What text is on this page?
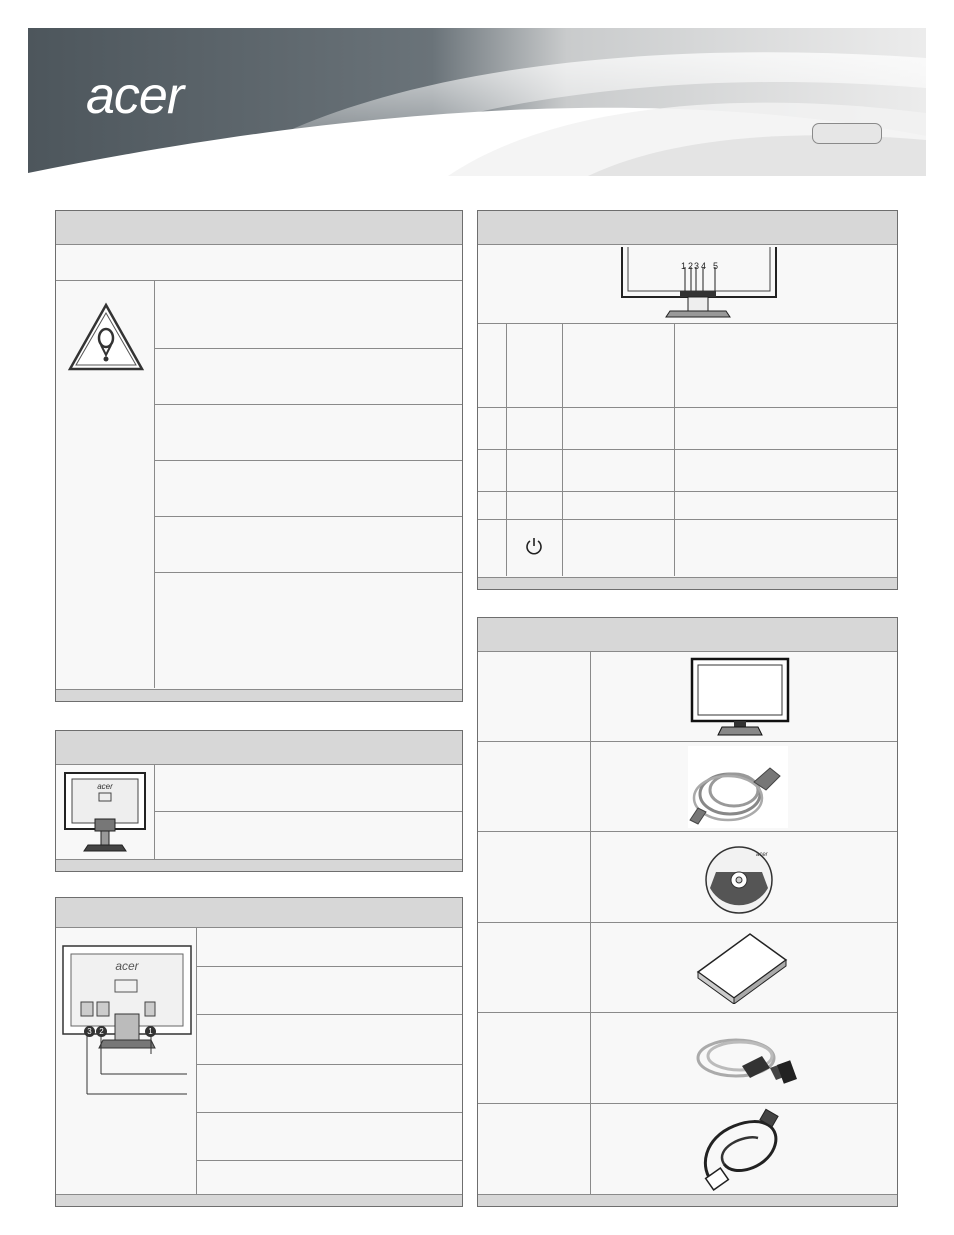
acer
acer
acer
3 2	1
1 2 3 4 5
acer
